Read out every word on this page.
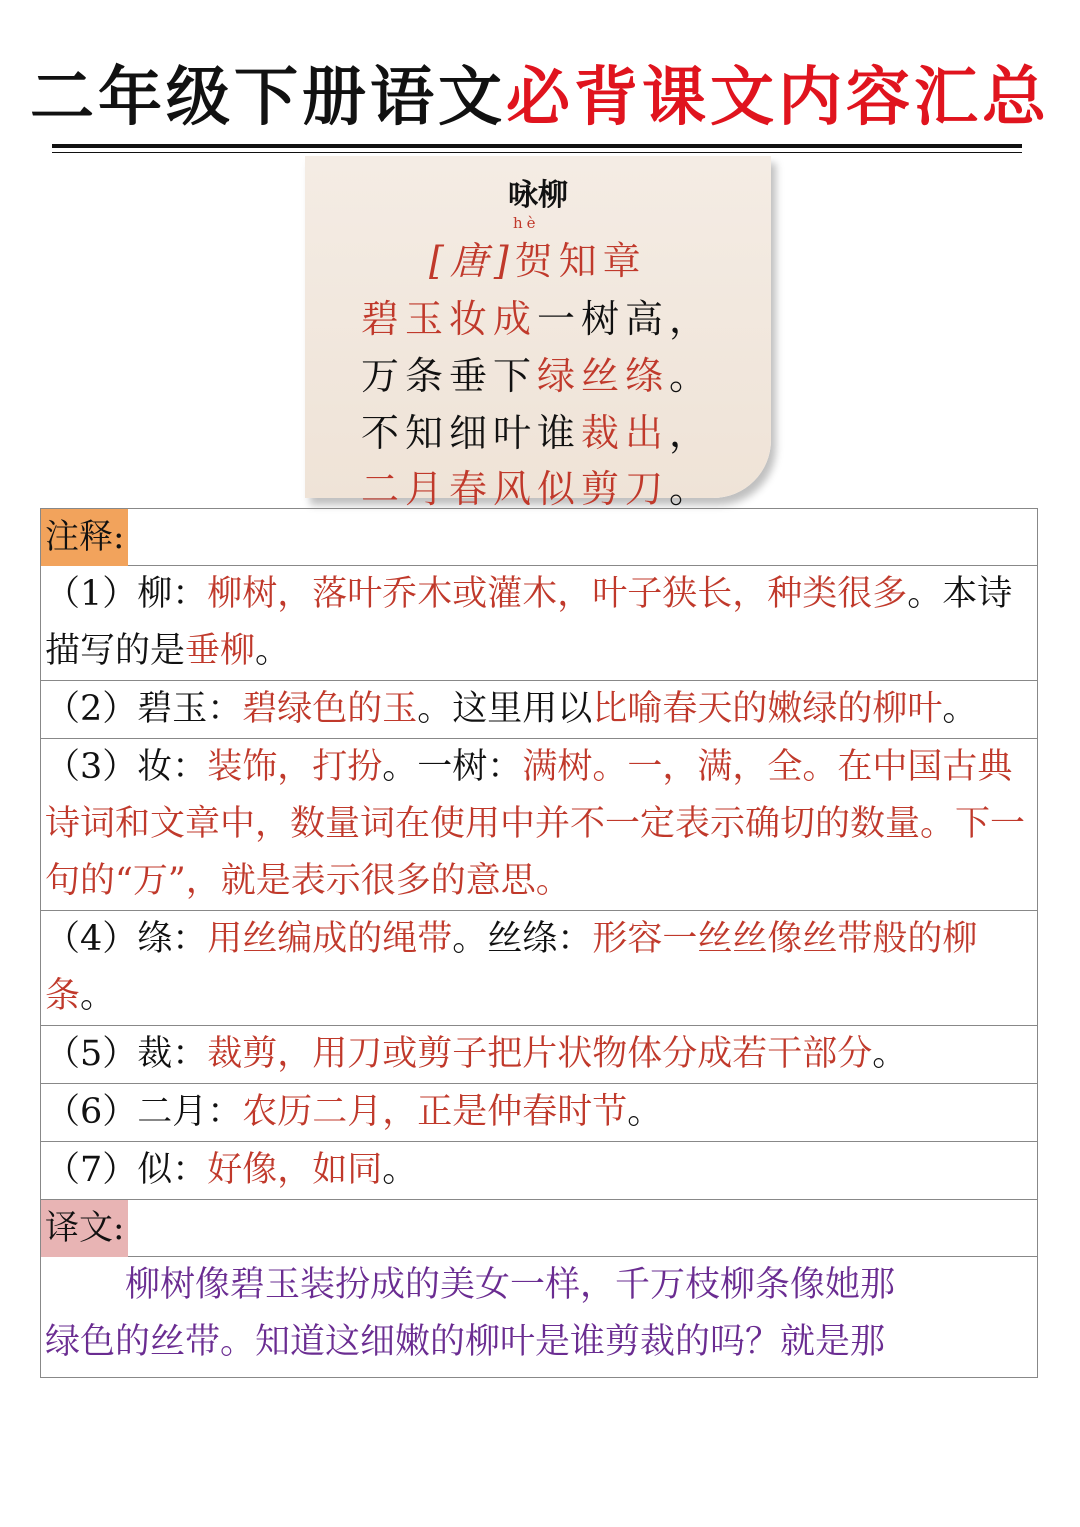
二年级下册语文必背课文内容汇总
咏柳
hè
[唐]贺知章
碧玉妆成一树高，
万条垂下绿丝绦。
不知细叶谁裁出，
二月春风似剪刀。
注释:
（1）柳：柳树，落叶乔木或灌木，叶子狭长，种类很多。本诗描写的是垂柳。
（2）碧玉：碧绿色的玉。这里用以比喻春天的嫩绿的柳叶。
（3）妆：装饰，打扮。一树：满树。一，满，全。在中国古典诗词和文章中，数量词在使用中并不一定表示确切的数量。下一句的“万”，就是表示很多的意思。
（4）绦：用丝编成的绳带。丝绦：形容一丝丝像丝带般的柳条。
（5）裁：裁剪，用刀或剪子把片状物体分成若干部分。
（6）二月：农历二月，正是仲春时节。
（7）似：好像，如同。
译文:
柳树像碧玉装扮成的美女一样，千万枝柳条像她那
绿色的丝带。知道这细嫩的柳叶是谁剪裁的吗？就是那
